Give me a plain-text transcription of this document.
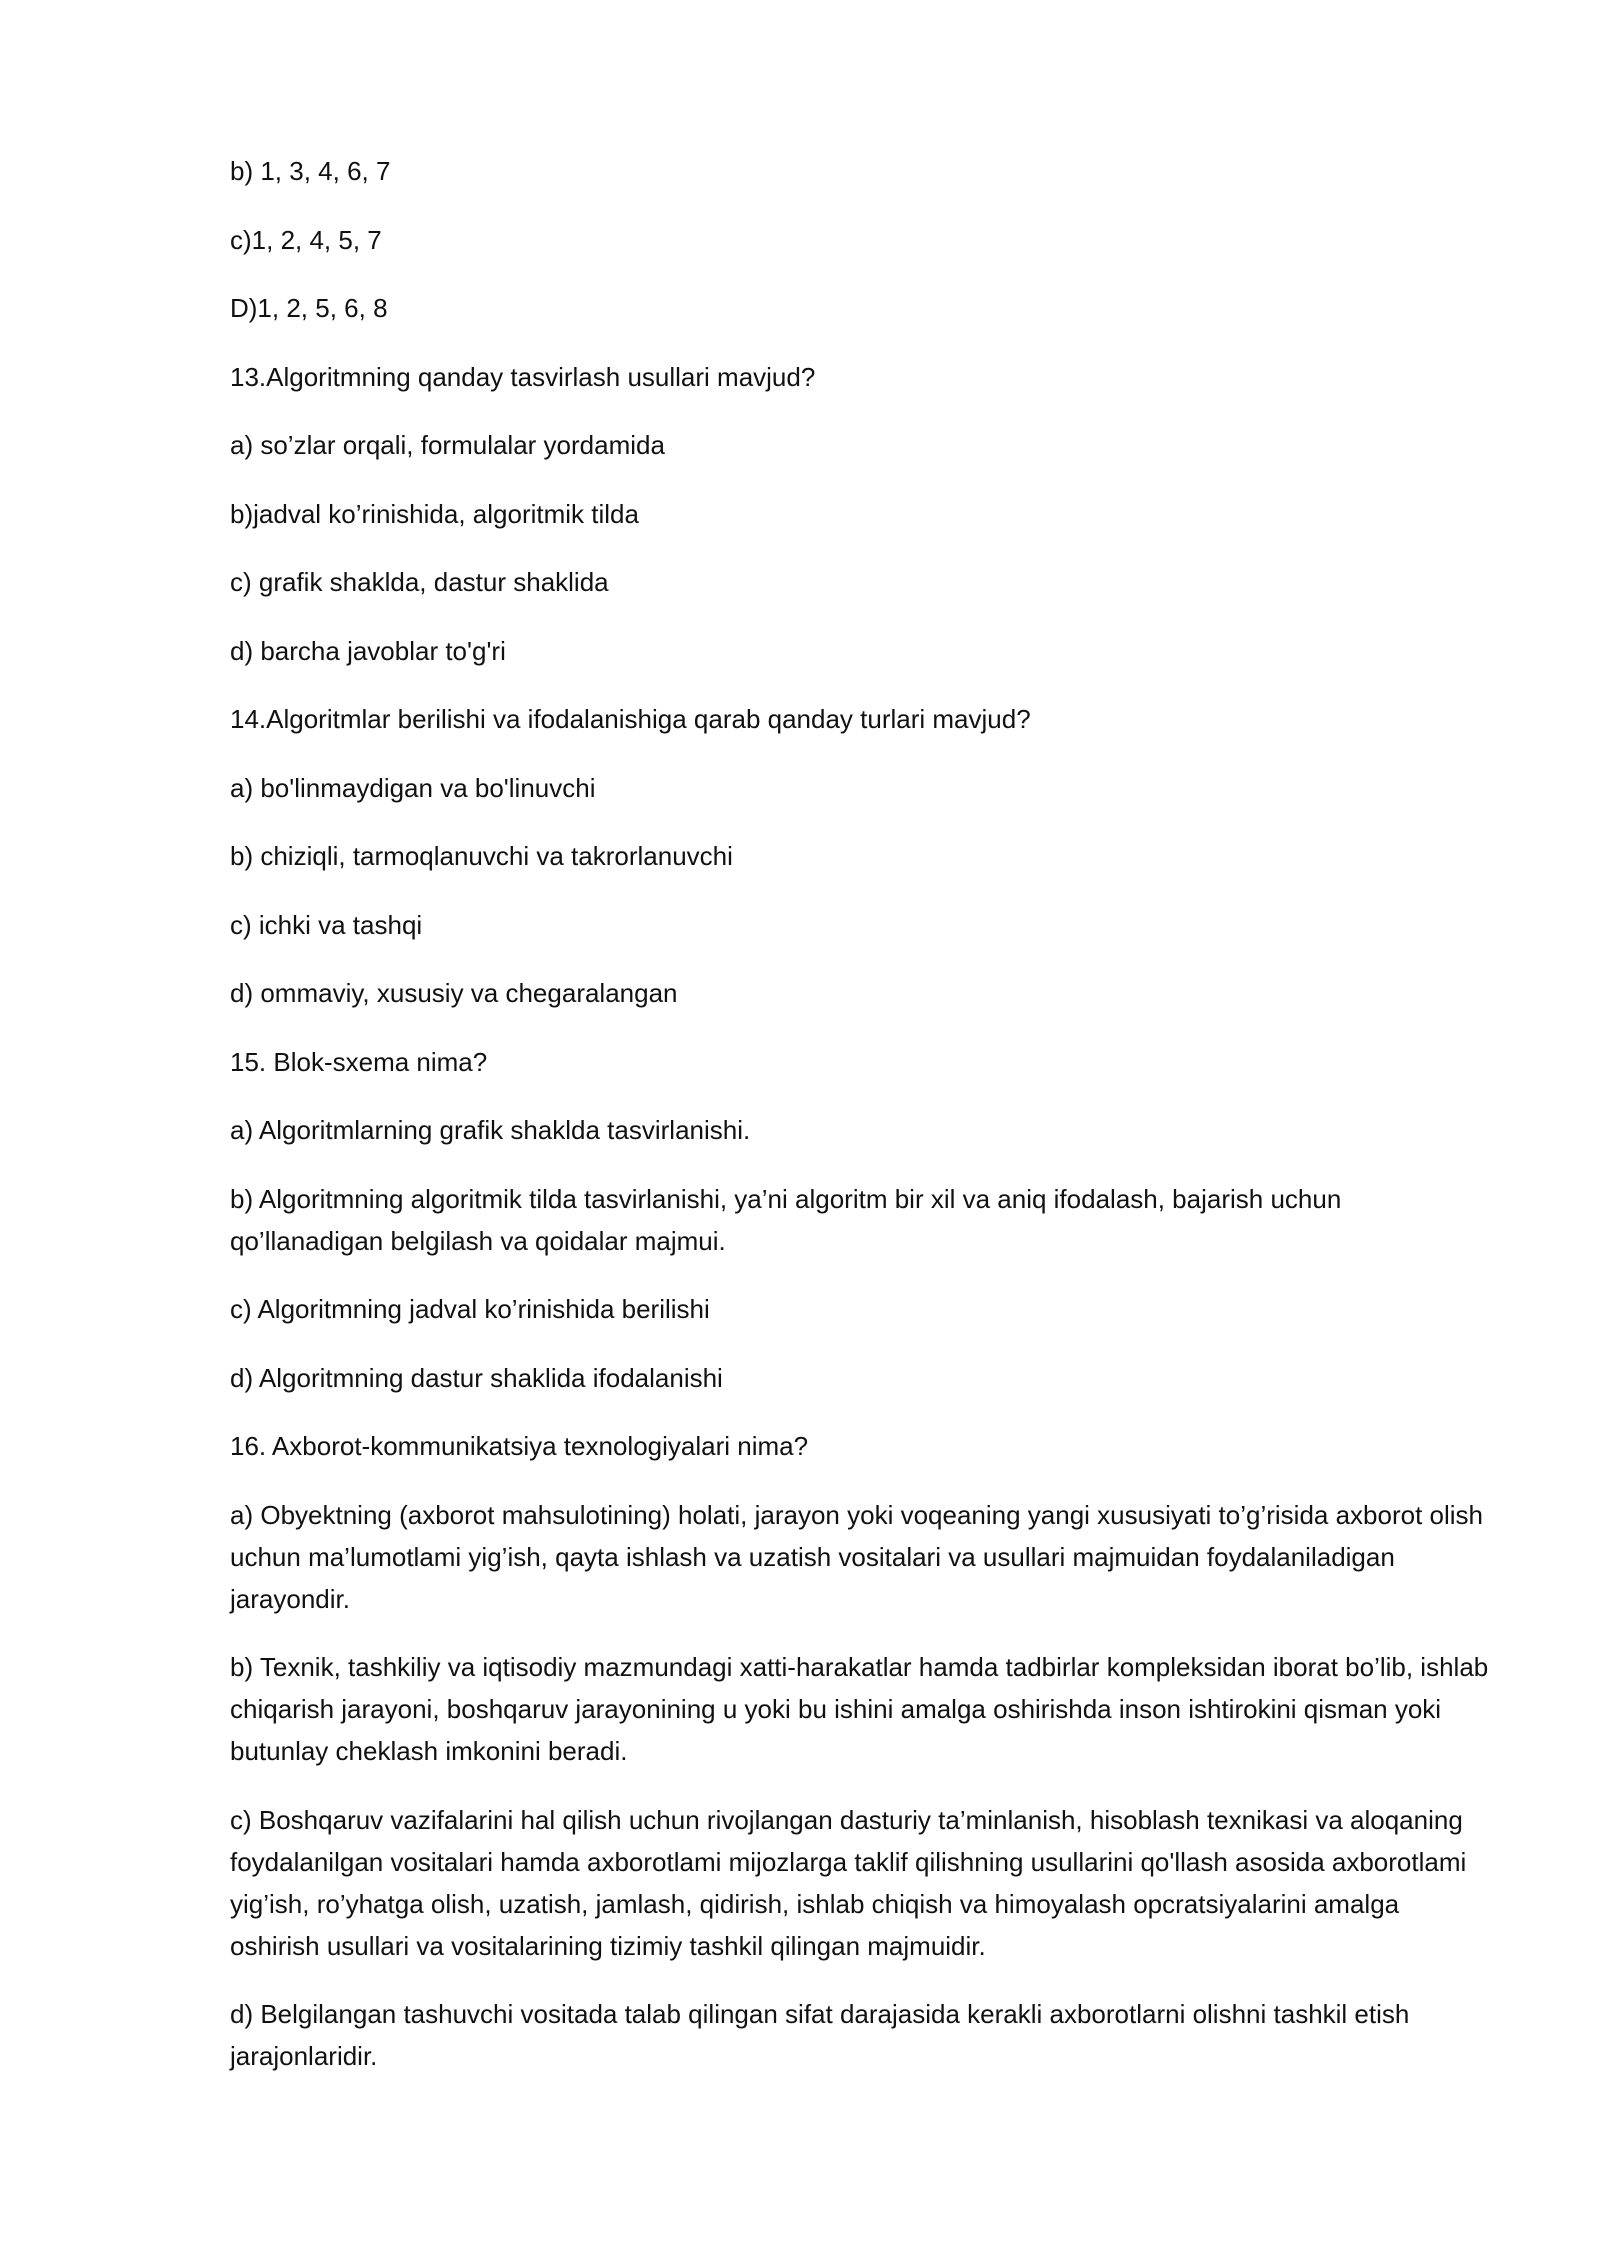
b) 1, 3, 4, 6, 7

c)1, 2, 4, 5, 7

D)1, 2, 5, 6, 8

13.Algoritmning qanday tasvirlash usullari mavjud?

a) so’zlar orqali, formulalar yordamida

b)jadval ko’rinishida, algoritmik tilda

c) grafik shaklda, dastur shaklida

d) barcha javoblar to'g'ri

14.Algoritmlar berilishi va ifodalanishiga qarab qanday turlari mavjud?

a) bo'linmaydigan va bo'linuvchi

b) chiziqli, tarmoqlanuvchi va takrorlanuvchi

c) ichki va tashqi

d) ommaviy, xususiy va chegaralangan

15. Blok-sxema nima?

a) Algoritmlarning grafik shaklda tasvirlanishi.

b) Algoritmning algoritmik tilda tasvirlanishi, ya’ni algoritm bir xil va aniq ifodalash, bajarish uchun qo’llanadigan belgilash va qoidalar majmui.

c) Algoritmning jadval ko’rinishida berilishi

d) Algoritmning dastur shaklida ifodalanishi

16. Axborot-kommunikatsiya texnologiyalari nima?

a) Obyektning (axborot mahsulotining) holati, jarayon yoki voqeaning yangi xususiyati to’g’risida axborot olish uchun ma’lumotlami yig’ish, qayta ishlash va uzatish vositalari va usullari majmuidan foydalaniladigan jarayondir.

b) Texnik, tashkiliy va iqtisodiy mazmundagi xatti-harakatlar hamda tadbirlar kompleksidan iborat bo’lib, ishlab chiqarish jarayoni, boshqaruv jarayonining u yoki bu ishini amalga oshirishda inson ishtirokini qisman yoki butunlay cheklash imkonini beradi.

c) Boshqaruv vazifalarini hal qilish uchun rivojlangan dasturiy ta’minlanish, hisoblash texnikasi va aloqaning foydalanilgan vositalari hamda axborotlami mijozlarga taklif qilishning usullarini qo'llash asosida axborotlami yig’ish, ro’yhatga olish, uzatish, jamlash, qidirish, ishlab chiqish va himoyalash opcratsiyalarini amalga oshirish usullari va vositalarining tizimiy tashkil qilingan majmuidir.

d) Belgilangan tashuvchi vositada talab qilingan sifat darajasida kerakli axborotlarni olishni tashkil etish jarajonlaridir.
